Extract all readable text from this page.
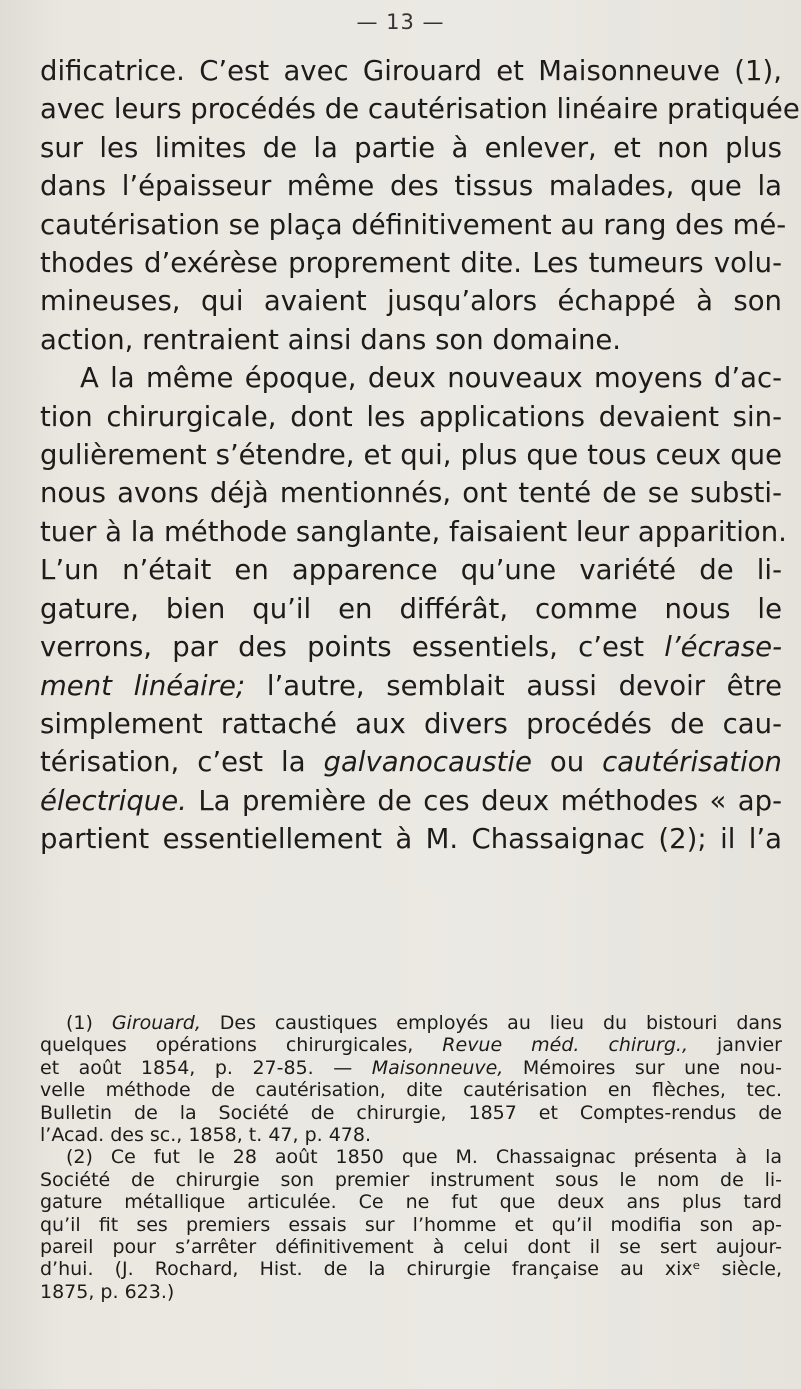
— 13 —
dificatrice. C’est avec Girouard et Maisonneuve (1),
avec leurs procédés de cautérisation linéaire pratiquée
sur les limites de la partie à enlever, et non plus
dans l’épaisseur même des tissus malades, que la
cautérisation se plaça définitivement au rang des mé-
thodes d’exérèse proprement dite. Les tumeurs volu-
mineuses, qui avaient jusqu’alors échappé à son
action, rentraient ainsi dans son domaine.
A la même époque, deux nouveaux moyens d’ac-
tion chirurgicale, dont les applications devaient sin-
gulièrement s’étendre, et qui, plus que tous ceux que
nous avons déjà mentionnés, ont tenté de se substi-
tuer à la méthode sanglante, faisaient leur apparition.
L’un n’était en apparence qu’une variété de li-
gature, bien qu’il en différât, comme nous le
verrons, par des points essentiels, c’est l’écrase-
ment linéaire; l’autre, semblait aussi devoir être
simplement rattaché aux divers procédés de cau-
térisation, c’est la galvanocaustie ou cautérisation
électrique. La première de ces deux méthodes « ap-
partient essentiellement à M. Chassaignac (2); il l’a
(1) Girouard, Des caustiques employés au lieu du bistouri dans
quelques opérations chirurgicales, Revue méd. chirurg., janvier
et août 1854, p. 27-85. — Maisonneuve, Mémoires sur une nou-
velle méthode de cautérisation, dite cautérisation en flèches, tec.
Bulletin de la Société de chirurgie, 1857 et Comptes-rendus de
l’Acad. des sc., 1858, t. 47, p. 478.
(2) Ce fut le 28 août 1850 que M. Chassaignac présenta à la
Société de chirurgie son premier instrument sous le nom de li-
gature métallique articulée. Ce ne fut que deux ans plus tard
qu’il fit ses premiers essais sur l’homme et qu’il modifia son ap-
pareil pour s’arrêter définitivement à celui dont il se sert aujour-
d’hui. (J. Rochard, Hist. de la chirurgie française au xixᵉ siècle,
1875, p. 623.)
